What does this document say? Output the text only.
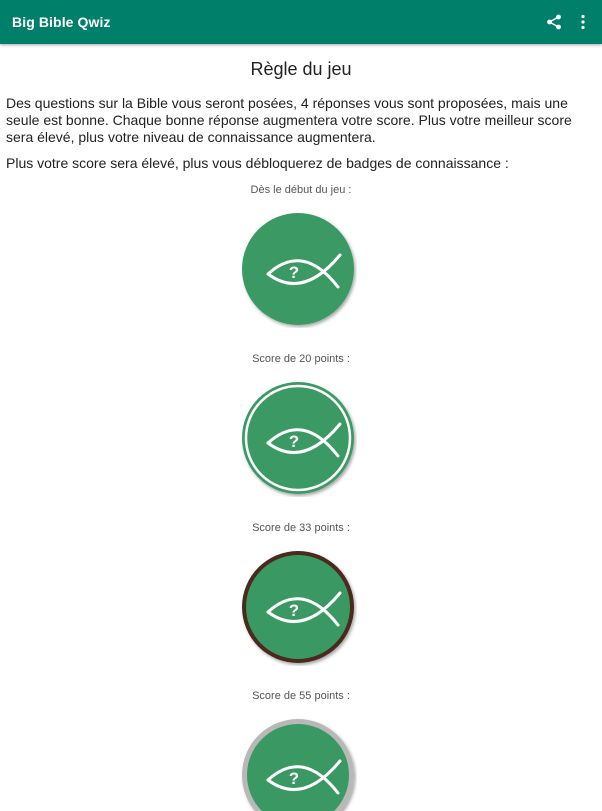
Big Bible Qwiz
Règle du jeu

Des questions sur la Bible vous seront posées, 4 réponses vous sont proposées, mais une seule est bonne. Chaque bonne réponse augmentera votre score. Plus votre meilleur score sera élevé, plus votre niveau de connaissance augmentera.

Plus votre score sera élevé, plus vous débloquerez de badges de connaissance :

Dès le début du jeu :
?
Score de 20 points :
?
Score de 33 points :
?
Score de 55 points :
?
